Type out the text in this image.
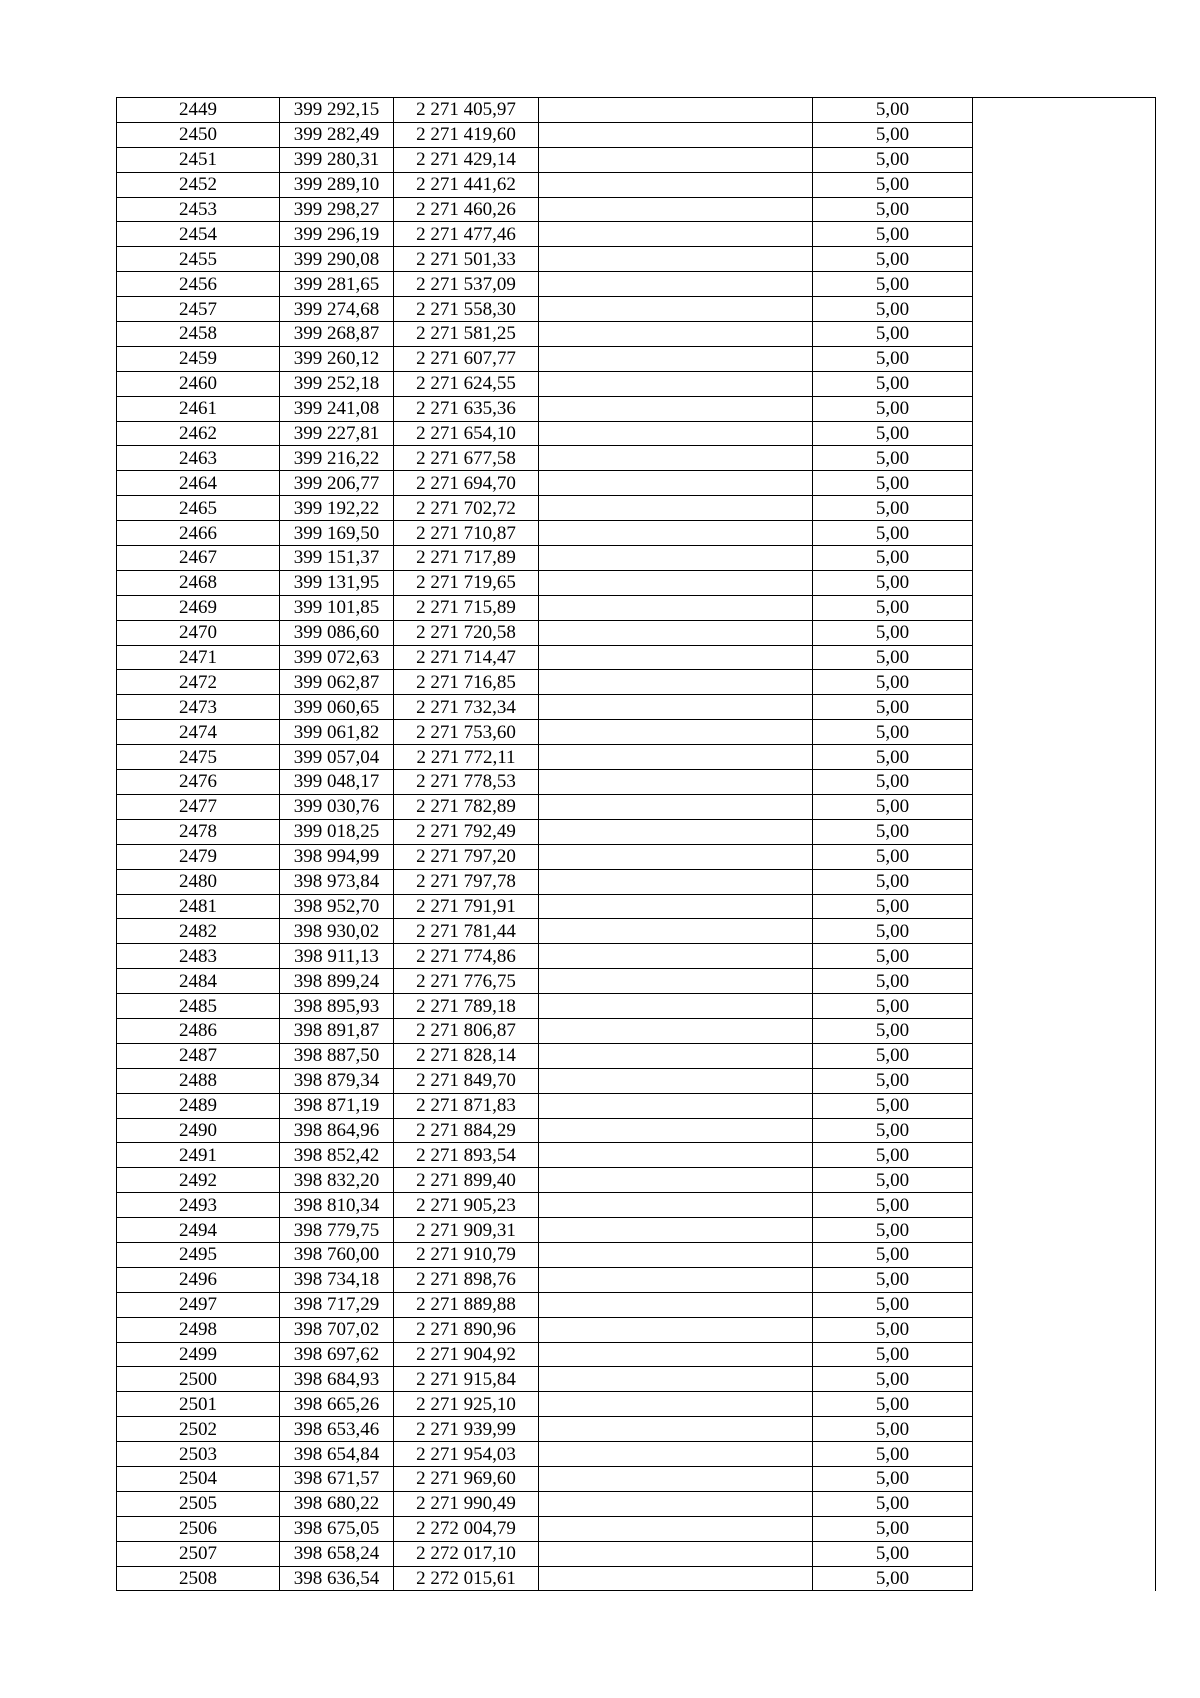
2449	399 292,15	2 271 405,97		5,00	
2450	399 282,49	2 271 419,60		5,00	
2451	399 280,31	2 271 429,14		5,00	
2452	399 289,10	2 271 441,62		5,00	
2453	399 298,27	2 271 460,26		5,00	
2454	399 296,19	2 271 477,46		5,00	
2455	399 290,08	2 271 501,33		5,00	
2456	399 281,65	2 271 537,09		5,00	
2457	399 274,68	2 271 558,30		5,00	
2458	399 268,87	2 271 581,25		5,00	
2459	399 260,12	2 271 607,77		5,00	
2460	399 252,18	2 271 624,55		5,00	
2461	399 241,08	2 271 635,36		5,00	
2462	399 227,81	2 271 654,10		5,00	
2463	399 216,22	2 271 677,58		5,00	
2464	399 206,77	2 271 694,70		5,00	
2465	399 192,22	2 271 702,72		5,00	
2466	399 169,50	2 271 710,87		5,00	
2467	399 151,37	2 271 717,89		5,00	
2468	399 131,95	2 271 719,65		5,00	
2469	399 101,85	2 271 715,89		5,00	
2470	399 086,60	2 271 720,58		5,00	
2471	399 072,63	2 271 714,47		5,00	
2472	399 062,87	2 271 716,85		5,00	
2473	399 060,65	2 271 732,34		5,00	
2474	399 061,82	2 271 753,60		5,00	
2475	399 057,04	2 271 772,11		5,00	
2476	399 048,17	2 271 778,53		5,00	
2477	399 030,76	2 271 782,89		5,00	
2478	399 018,25	2 271 792,49		5,00	
2479	398 994,99	2 271 797,20		5,00	
2480	398 973,84	2 271 797,78		5,00	
2481	398 952,70	2 271 791,91		5,00	
2482	398 930,02	2 271 781,44		5,00	
2483	398 911,13	2 271 774,86		5,00	
2484	398 899,24	2 271 776,75		5,00	
2485	398 895,93	2 271 789,18		5,00	
2486	398 891,87	2 271 806,87		5,00	
2487	398 887,50	2 271 828,14		5,00	
2488	398 879,34	2 271 849,70		5,00	
2489	398 871,19	2 271 871,83		5,00	
2490	398 864,96	2 271 884,29		5,00	
2491	398 852,42	2 271 893,54		5,00	
2492	398 832,20	2 271 899,40		5,00	
2493	398 810,34	2 271 905,23		5,00	
2494	398 779,75	2 271 909,31		5,00	
2495	398 760,00	2 271 910,79		5,00	
2496	398 734,18	2 271 898,76		5,00	
2497	398 717,29	2 271 889,88		5,00	
2498	398 707,02	2 271 890,96		5,00	
2499	398 697,62	2 271 904,92		5,00	
2500	398 684,93	2 271 915,84		5,00	
2501	398 665,26	2 271 925,10		5,00	
2502	398 653,46	2 271 939,99		5,00	
2503	398 654,84	2 271 954,03		5,00	
2504	398 671,57	2 271 969,60		5,00	
2505	398 680,22	2 271 990,49		5,00	
2506	398 675,05	2 272 004,79		5,00	
2507	398 658,24	2 272 017,10		5,00	
2508	398 636,54	2 272 015,61		5,00	
